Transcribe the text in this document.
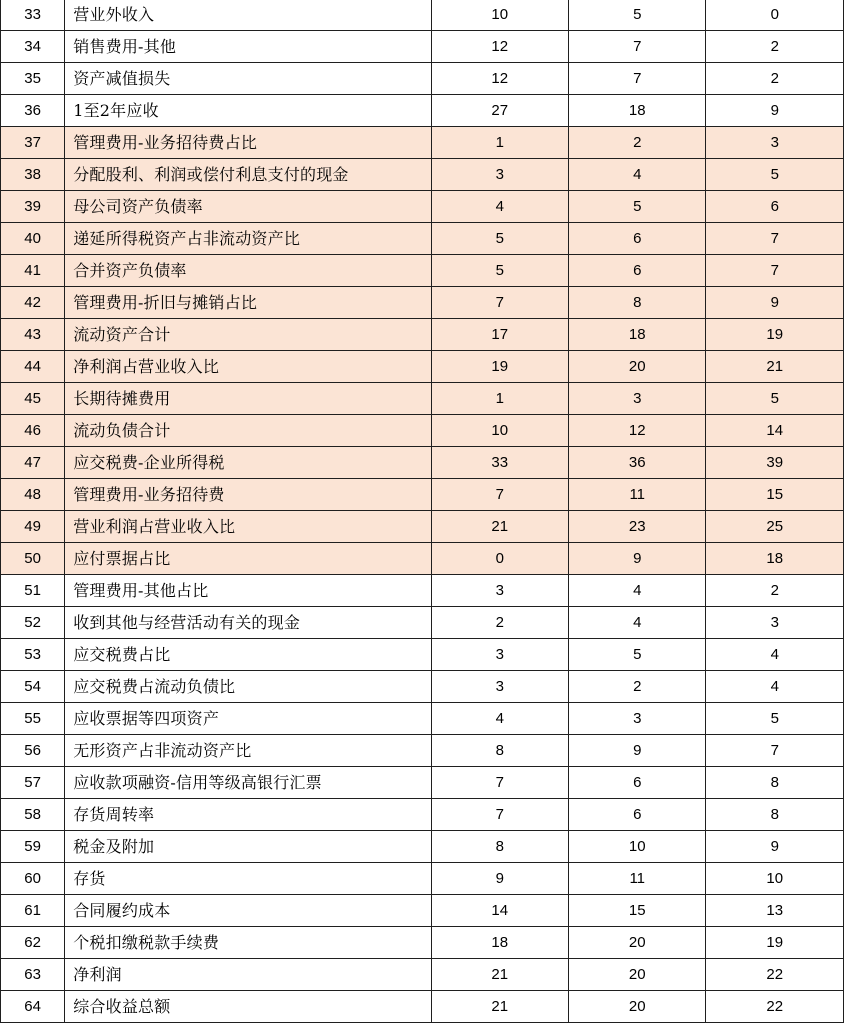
33	营业外收入	10	5	0
34	销售费用-其他	12	7	2
35	资产减值损失	12	7	2
36	1至2年应收	27	18	9
37	管理费用-业务招待费占比	1	2	3
38	分配股利、利润或偿付利息支付的现金	3	4	5
39	母公司资产负债率	4	5	6
40	递延所得税资产占非流动资产比	5	6	7
41	合并资产负债率	5	6	7
42	管理费用-折旧与摊销占比	7	8	9
43	流动资产合计	17	18	19
44	净利润占营业收入比	19	20	21
45	长期待摊费用	1	3	5
46	流动负债合计	10	12	14
47	应交税费-企业所得税	33	36	39
48	管理费用-业务招待费	7	11	15
49	营业利润占营业收入比	21	23	25
50	应付票据占比	0	9	18
51	管理费用-其他占比	3	4	2
52	收到其他与经营活动有关的现金	2	4	3
53	应交税费占比	3	5	4
54	应交税费占流动负债比	3	2	4
55	应收票据等四项资产	4	3	5
56	无形资产占非流动资产比	8	9	7
57	应收款项融资-信用等级高银行汇票	7	6	8
58	存货周转率	7	6	8
59	税金及附加	8	10	9
60	存货	9	11	10
61	合同履约成本	14	15	13
62	个税扣缴税款手续费	18	20	19
63	净利润	21	20	22
64	综合收益总额	21	20	22
